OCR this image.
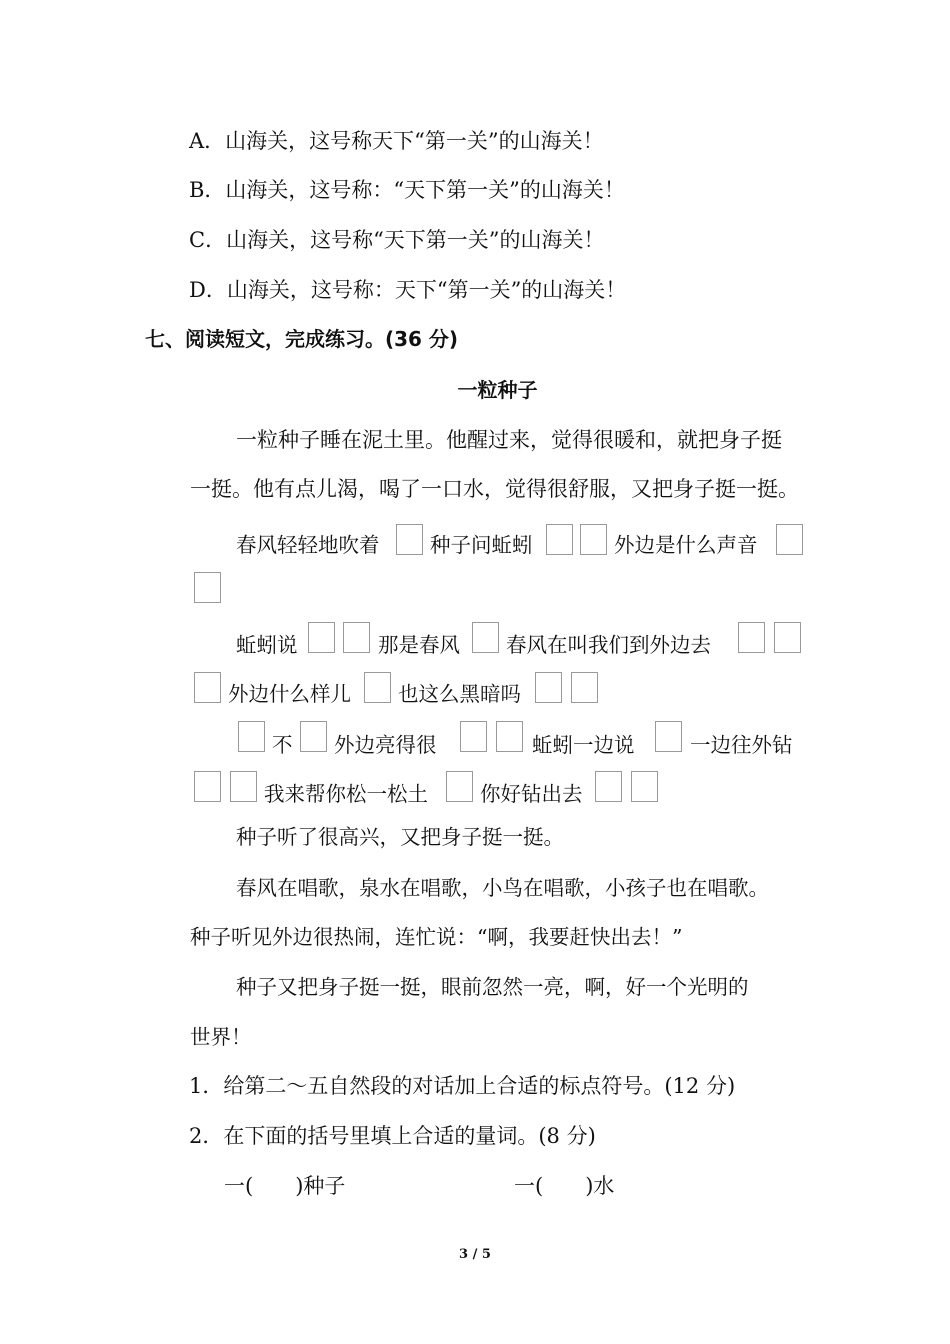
A．山海关，这号称天下“第一关”的山海关！
B．山海关，这号称：“天下第一关”的山海关！
C．山海关，这号称“天下第一关”的山海关！
D．山海关，这号称：天下“第一关”的山海关！
七、阅读短文，完成练习。(36 分)
一粒种子
一粒种子睡在泥土里。他醒过来，觉得很暖和，就把身子挺
一挺。他有点儿渴，喝了一口水，觉得很舒服，又把身子挺一挺。
春风轻轻地吹着 种子问蚯蚓	外边是什么声音
蚯蚓说	那是春风 春风在叫我们到外边去
外边什么样儿 也这么黑暗吗
不 外边亮得很	蚯蚓一边说	一边往外钻
我来帮你松一松土	你好钻出去
种子听了很高兴，又把身子挺一挺。
春风在唱歌，泉水在唱歌，小鸟在唱歌，小孩子也在唱歌。
种子听见外边很热闹，连忙说：“啊，我要赶快出去！”
种子又把身子挺一挺，眼前忽然一亮，啊，好一个光明的
世界！
1．给第二～五自然段的对话加上合适的标点符号。(12 分)
2．在下面的括号里填上合适的量词。(8 分)
一(　　)种子	一(　　)水
3 / 5
